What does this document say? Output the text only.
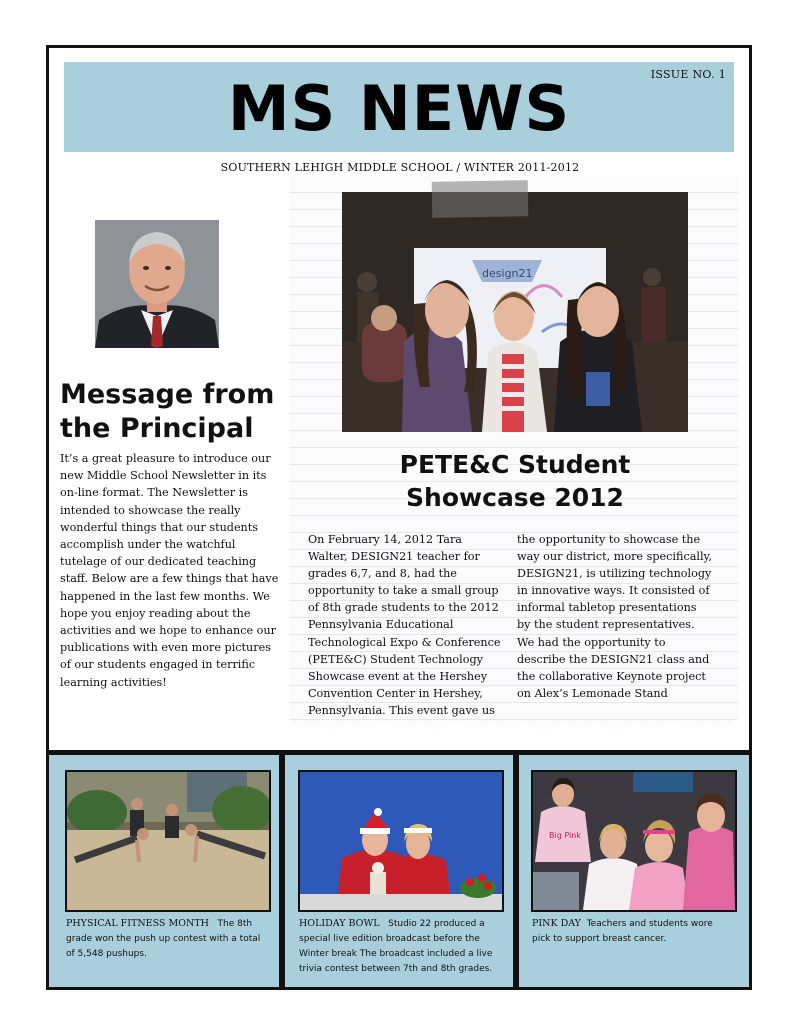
ISSUE NO. 1
MS NEWS
SOUTHERN LEHIGH MIDDLE SCHOOL / WINTER 2011-2012
design21
Message from the Principal

It’s a great pleasure to introduce our new Middle School Newsletter in its on-line format. The Newsletter is intended to showcase the really wonderful things that our students accomplish under the watchful tutelage of our dedicated teaching staff. Below are a few things that have happened in the last few months. We hope you enjoy reading about the activities and we hope to enhance our publications with even more pictures of our students engaged in terrific learning activities!

PETE&C Student Showcase 2012
On February 14, 2012 Tara Walter, DESIGN21 teacher for grades 6,7, and 8, had the opportunity to take a small group of 8th grade students to the 2012 Pennsylvania Educational Technological Expo & Conference (PETE&C) Student Technology Showcase event at the Hershey Convention Center in Hershey, Pennsylvania. This event gave us the opportunity to showcase the way our district, more specifically, DESIGN21, is utilizing technology in innovative ways. It consisted of informal tabletop presentations by the student representatives. We had the opportunity to describe the DESIGN21 class and the collaborative Keynote project on Alex’s Lemonade Stand
PHYSICAL FITNESS MONTH The 8th grade won the push up contest with a total of 5,548 pushups.
HOLIDAY BOWL Studio 22 produced a special live edition broadcast before the Winter break The broadcast included a live trivia contest between 7th and 8th grades.
Big Pink
PINK DAY Teachers and students wore pick to support breast cancer.
